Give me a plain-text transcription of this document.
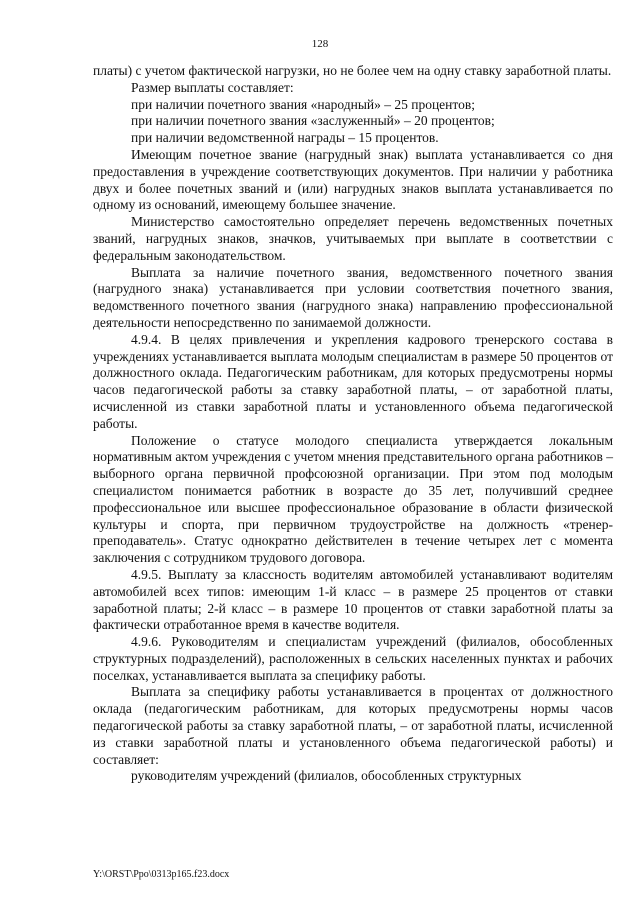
128

платы) с учетом фактической нагрузки, но не более чем на одну ставку заработной платы.

Размер выплаты составляет:

при наличии почетного звания «народный» – 25 процентов;

при наличии почетного звания «заслуженный» – 20 процентов;

при наличии ведомственной награды – 15 процентов.

Имеющим почетное звание (нагрудный знак) выплата устанавливается со дня предоставления в учреждение соответствующих документов. При наличии у работника двух и более почетных званий и (или) нагрудных знаков выплата устанавливается по одному из оснований, имеющему большее значение.

Министерство самостоятельно определяет перечень ведомственных почетных званий, нагрудных знаков, значков, учитываемых при выплате в соответствии с федеральным законодательством.

Выплата за наличие почетного звания, ведомственного почетного звания (нагрудного знака) устанавливается при условии соответствия почетного звания, ведомственного почетного звания (нагрудного знака) направлению профессиональной деятельности непосредственно по занимаемой должности.

4.9.4. В целях привлечения и укрепления кадрового тренерского состава в учреждениях устанавливается выплата молодым специалистам в размере 50 процентов от должностного оклада. Педагогическим работникам, для которых предусмотрены нормы часов педагогической работы за ставку заработной платы, – от заработной платы, исчисленной из ставки заработной платы и установленного объема педагогической работы.

Положение о статусе молодого специалиста утверждается локальным нормативным актом учреждения с учетом мнения представительного органа работников – выборного органа первичной профсоюзной организации. При этом под молодым специалистом понимается работник в возрасте до 35 лет, получивший среднее профессиональное или высшее профессиональное образование в области физической культуры и спорта, при первичном трудоустройстве на должность «тренер-преподаватель». Статус однократно действителен в течение четырех лет с момента заключения с сотрудником трудового договора.

4.9.5. Выплату за классность водителям автомобилей устанавливают водителям автомобилей всех типов: имеющим 1-й класс – в размере 25 процентов от ставки заработной платы; 2-й класс – в размере 10 процентов от ставки заработной платы за фактически отработанное время в качестве водителя.

4.9.6. Руководителям и специалистам учреждений (филиалов, обособленных структурных подразделений), расположенных в сельских населенных пунктах и рабочих поселках, устанавливается выплата за специфику работы.

Выплата за специфику работы устанавливается в процентах от должностного оклада (педагогическим работникам, для которых предусмотрены нормы часов педагогической работы за ставку заработной платы, – от заработной платы, исчисленной из ставки заработной платы и установленного объема педагогической работы) и составляет:

руководителям учреждений (филиалов, обособленных структурных

Y:\ORST\Ppo\0313p165.f23.docx
